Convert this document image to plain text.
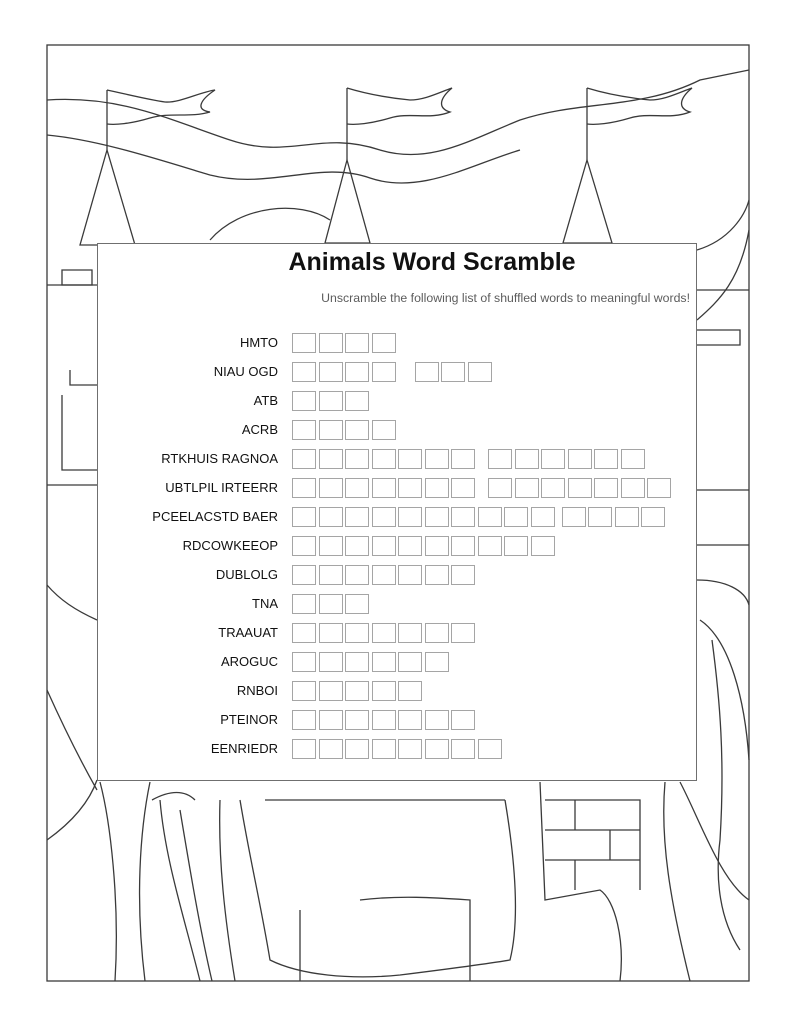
Animals Word Scramble
Unscramble the following list of shuffled words to meaningful words!
HMTO
NIAU OGD
ATB
ACRB
RTKHUIS RAGNOA
UBTLPIL IRTEERR
PCEELACSTD BAER
RDCOWKEEOP
DUBLOLG
TNA
TRAAUAT
AROGUC
RNBOI
PTEINOR
EENRIEDR
